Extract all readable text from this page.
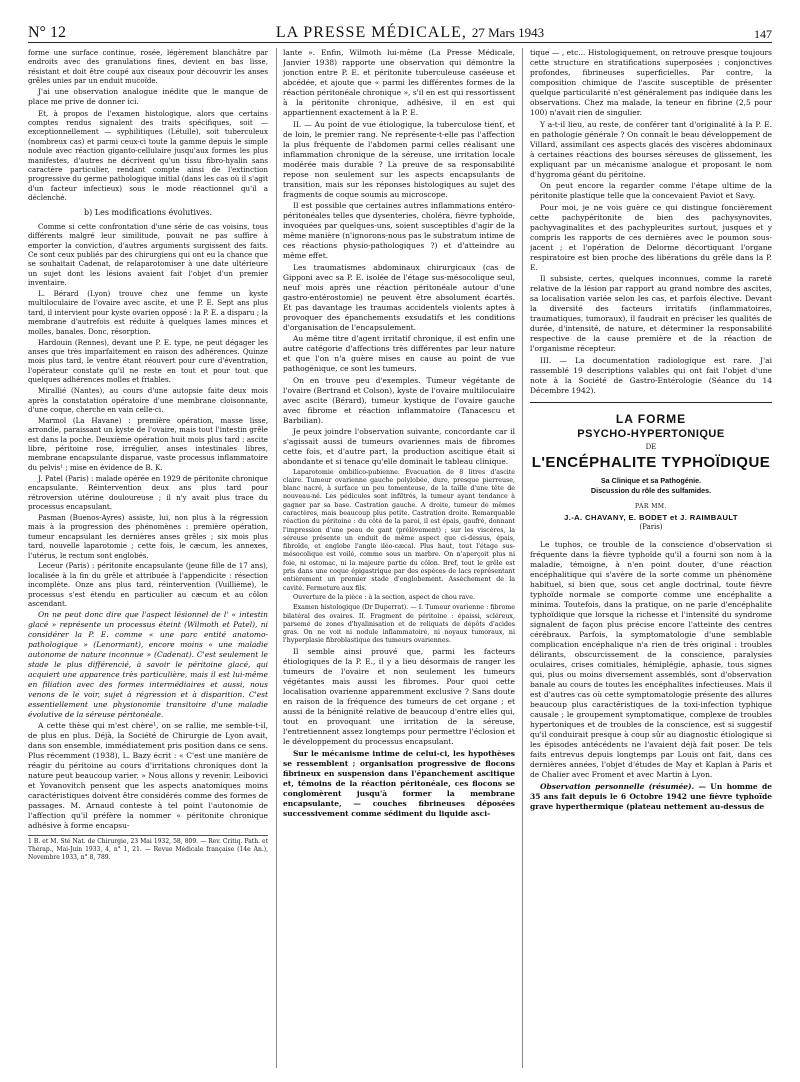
N° 12	LA PRESSE MÉDICALE, 27 Mars 1943	147

forme une surface continue, rosée, légèrement blanchâtre par endroits avec des granulations fines, devient en bas lisse, résistant et doit être coupé aux ciseaux pour découvrir les anses grêles unies par un enduit mucoïde.

J'ai une observation analogue inédite que le manque de place me prive de donner ici.

Et, à propos de l'examen histologique, alors que certains comptes rendus signalent des traits spécifiques, soit — exceptionnellement — syphilitiques (Létulle), soit tuberculeux (nombreux cas) et parmi ceux-ci toute la gamme depuis le simple nodule avec réaction giganto-cellulaire jusqu'aux formes les plus manifestes, d'autres ne décrivent qu'un tissu fibro-hyalin sans caractère particulier, rendant compte ainsi de l'extinction progressive du germe pathologique initial (dans les cas où il s'agit d'un facteur infectieux) sous le mode réactionnel qu'il a déclenché.

b) Les modifications évolutives.

Comme si cette confrontation d'une série de cas voisins, tous différents malgré leur similitude, pouvait ne pas suffire à emporter la conviction, d'autres arguments surgissent des faits. Ce sont ceux publiés par des chirurgiens qui ont eu la chance que se souhaitait Cadenat, de relaparotomiser à une date ultérieure un sujet dont les lésions avaient fait l'objet d'un premier inventaire.

L. Bérard (Lyon) trouve chez une femme un kyste multiloculaire de l'ovaire avec ascite, et une P. E. Sept ans plus tard, il intervient pour kyste ovarien opposé : la P. E. a disparu ; la membrane d'autrefois est réduite à quelques lames minces et molles, banales. Donc, résorption.

Hardouin (Rennes), devant une P. E. type, ne peut dégager les anses que très imparfaitement en raison des adhérences. Quinze mois plus tard, le ventre étant réouvert pour cure d'éventration, l'opérateur constate qu'il ne reste en tout et pour tout que quelques adhérences molles et friables.

Mirallié (Nantes), au cours d'une autopsie faite deux mois après la constatation opératoire d'une membrane cloisonnante, d'une coque, cherche en vain celle-ci.

Marmol (La Havane) : première opération, masse lisse, arrondie, paraissant un kyste de l'ovaire, mais tout l'intestin grêle est dans la poche. Deuxième opération huit mois plus tard : ascite libre, péritoine rose, irrégulier, anses intestinales libres, membrane encapsulante disparue, vaste processus inflammatoire du pelvis¹ ; mise en évidence de B. K.

J. Patel (Paris) : malade opérée en 1929 de péritonite chronique encapsulante. Réintervention deux ans plus tard pour rétroversion utérine douloureuse ; il n'y avait plus trace du processus encapsulant.

Pasman (Buenos-Ayres) assiste, lui, non plus à la régression mais à la progression des phénomènes : première opération, tumeur encapsulant les dernières anses grêles ; six mois plus tard, nouvelle laparotomie ; cette fois, le cæcum, les annexes, l'utérus, le rectum sont englobés.

Leceur (Paris) : péritonite encapsulante (jeune fille de 17 ans), localisée à la fin du grêle et attribuée à l'appendicite : résection incomplète. Onze ans plus tard, réintervention (Vuillième), le processus s'est étendu en particulier au cæcum et au côlon ascendant.

On ne peut donc dire que l'aspect lésionnel de l' « intestin glacé » représente un processus éteint (Wilmoth et Patel), ni considérer la P. E. comme « une parc entité anatomo-pathologique » (Lenormant), encore moins « une maladie autonome de nature inconnue » (Cadenat). C'est seulement le stade le plus différencié, à savoir le péritoine glacé, qui acquiert une apparence très particulière, mais il est lui-même en filiation avec des formes intermédiaires et aussi, nous venons de le voir, sujet à régression et à disparition. C'est essentiellement une physionomie transitoire d'une maladie évolutive de la séreuse péritonéale.

A cette thèse qui m'est chère¹, on se rallie, me semble-t-il, de plus en plus. Déjà, la Société de Chirurgie de Lyon avait, dans son ensemble, immédiatement pris position dans ce sens. Plus récemment (1938), L. Bazy écrit : « C'est une manière de réagir du péritoine au cours d'irritations chroniques dont la nature peut beaucoup varier. » Nous allons y revenir. Leibovici et Yovanovitch pensent que les aspects anatomiques moins caractéristiques doivent être considérés comme des formes de passages. M. Arnaud conteste à tel point l'autonomie de l'affection qu'il préfère la nommer « péritonite chronique adhésive à forme encapsu-

1 B. et M. Sté Nat. de Chirurgie, 23 Mai 1932, 58, 809. — Rev. Critiq. Path. et Thérap., Mai-Juin 1933, 4, n° 1, 21. — Revue Médicale française (14e An.), Novembre 1933, n° 8, 789.

lante ». Enfin, Wilmoth lui-même (La Presse Médicale, Janvier 1938) rapporte une observation qui démontre la jonction entre P. E. et péritonite tuberculeuse caséeuse et abcédée, et ajoute que « parmi les différentes formes de la réaction péritonéale chronique », s'il en est qui ressortissent à la péritonite chronique, adhésive, il en est qui appartiennent exactement à la P. E.

II. — Au point de vue étiologique, la tuberculose tient, et de loin, le premier rang. Ne représente-t-elle pas l'affection la plus fréquente de l'abdomen parmi celles réalisant une inflammation chronique de la séreuse, une irritation locale modérée mais durable ? La preuve de sa responsabilité repose non seulement sur les aspects encapsulants de transition, mais sur les réponses histologiques au sujet des fragments de coque soumis au microscope.

Il est possible que certaines autres inflammations entéro-péritonéales telles que dysenteries, choléra, fièvre typhoïde, invoquées par quelques-uns, soient susceptibles d'agir de la même manière (n'ignorons-nous pas le substratum intime de ces réactions physio-pathologiques ?) et d'atteindre au même effet.

Les traumatismes abdominaux chirurgicaux (cas de Gipponi avec sa P. E. isolée de l'étage sus-mésocolique seul, neuf mois après une réaction péritonéale autour d'une gastro-entérostomie) ne peuvent être absolument écartés. Et pas davantage les traumas accidentels violents aptes à provoquer des épanchements exsudatifs et les conditions d'organisation de l'encapsulement.

Au même titre d'agent irritatif chronique, il est enfin une autre catégorie d'affections très différentes par leur nature et que l'on n'a guère mises en cause au point de vue pathogénique, ce sont les tumeurs.

On en trouve peu d'exemples. Tumeur végétante de l'ovaire (Bertrand et Colson), kyste de l'ovaire multiloculaire avec ascite (Bérard), tumeur kystique de l'ovaire gauche avec fibrome et réaction inflammatoire (Tanacescu et Barbilian).

Je peux joindre l'observation suivante, concordante car il s'agissait aussi de tumeurs ovariennes mais de fibromes cette fois, et d'autre part, la production ascitique était si abondante et si tenace qu'elle dominait le tableau clinique.

Laparotomie ombilico-pubienne. Évacuation de 8 litres d'ascite claire. Tumeur ovarienne gauche polylobée, dure, presque pierreuse, blanc nacré, à surface un peu tomenteuse, de la taille d'une tête de nouveau-né. Les pédicules sont infiltrés, la tumeur ayant tendance à gagner par sa base. Castration gauche. A droite, tumeur de mêmes caractères, mais beaucoup plus petite. Castration droite. Remarquable réaction du péritoine : du côté de la paroi, il est épais, gaufré, donnant l'impression d'une peau de gant (prélèvement) ; sur les viscères, la séreuse présente un enduit de même aspect que ci-dessus, épais, fibroïde, et englobe l'angle iléo-cæcal. Plus haut, tout l'étage sus-mésocolique est voilé, comme sous un marbre. On n'aperçoit plus ni foie, ni estomac, ni la majeure partie du côlon. Bref, tout le grêle est pris dans une coque épigastrique par des espèces de lacs représentant entièrement un premier stade d'englobement. Assèchement de la cavité. Fermeture aux fils.

Ouverture de la pièce : à la section, aspect de chou rave.

Examen histologique (Dr Duperrat). — I. Tumeur ovarienne : fibrome bilatéral des ovaires. II. Fragment de péritoine : épaissi, scléreux, parsemé de zones d'hyalinisation et de reliquats de dépôts d'acides gras. On ne voit ni nodule inflammatoire, ni noyaux tumoraux, ni l'hyperplasie fibroblastique des tumeurs ovariennes.

Il semble ainsi prouvé que, parmi les facteurs étiologiques de la P. E., il y a lieu désormais de ranger les tumeurs de l'ovaire et non seulement les tumeurs végétantes mais aussi les fibromes. Pour quoi cette localisation ovarienne apparemment exclusive ? Sans doute en raison de la fréquence des tumeurs de cet organe ; et aussi de la bénignité relative de beaucoup d'entre elles qui, tout en provoquant une irritation de la séreuse, l'entretiennent assez longtemps pour permettre l'éclosion et le développement du processus encapsulant.

Sur le mécanisme intime de celui-ci, les hypothèses se ressemblent ; organisation progressive de flocons fibrineux en suspension dans l'épanchement ascitique et, témoins de la réaction péritonéale, ces flocons se conglomèrent jusqu'à former la membrane encapsulante, — couches fibrineuses déposées successivement comme sédiment du liquide asci-

tique — , etc... Histologiquement, on retrouve presque toujours cette structure en stratifications superposées ; conjonctives profondes, fibrineuses superficielles. Par contre, la composition chimique de l'ascite susceptible de présenter quelque particularité n'est généralement pas indiquée dans les observations. Chez ma malade, la teneur en fibrine (2,5 pour 100) n'avait rien de singulier.

Y a-t-il lieu, au reste, de conférer tant d'originalité à la P. E. en pathologie générale ? On connaît le beau développement de Villard, assimilant ces aspects glacés des viscères abdominaux à certaines réactions des bourses séreuses de glissement, les expliquant par un mécanisme analogue et proposant le nom d'hygroma géant du péritoine.

On peut encore la regarder comme l'étape ultime de la péritonite plastique telle que la concevaient Paviot et Savy.

Pour moi, je ne vois guère ce qui distingue foncièrement cette pachypéritonite de bien des pachysynovites, pachyvaginalites et des pachypleurites surtout, jusques et y compris les rapports de ces dernières avec le poumon sous-jacent ; et l'opération de Delorme décortiquant l'organe respiratoire est bien proche des libérations du grêle dans la P. E.

Il subsiste, certes, quelques inconnues, comme la rareté relative de la lésion par rapport au grand nombre des ascites, sa localisation variée selon les cas, et parfois élective. Devant la diversité des facteurs irritatifs (inflammatoires, traumatiques, tumoraux), il faudrait en préciser les qualités de durée, d'intensité, de nature, et déterminer la responsabilité respective de la cause première et de la réaction de l'organisme récepteur.

III. — La documentation radiologique est rare. J'ai rassemblé 19 descriptions valables qui ont fait l'objet d'une note à la Société de Gastro-Entérologie (Séance du 14 Décembre 1942).

LA FORME
PSYCHO-HYPERTONIQUE
DE
L'ENCÉPHALITE TYPHOÏDIQUE
Sa Clinique et sa Pathogénie.
Discussion du rôle des sulfamides.
PAR MM.
J.-A. CHAVANY, E. BODET et J. RAIMBAULT
(Paris)

Le tuphos, ce trouble de la conscience d'observation si fréquente dans la fièvre typhoïde qu'il a fourni son nom à la maladie, témoigne, à n'en point douter, d'une réaction encéphalitique qui s'avère de la sorte comme un phénomène habituel, si bien que, sous cet angle doctrinal, toute fièvre typhoïde normale se comporte comme une encéphalite a minima. Toutefois, dans la pratique, on ne parle d'encéphalite typhoïdique que lorsque la richesse et l'intensité du syndrome signalent de façon plus précise encore l'atteinte des centres cérébraux. Parfois, la symptomatologie d'une semblable complication encéphalique n'a rien de très original : troubles délirants, obscurcissement de la conscience, paralysies oculaires, crises comitiales, hémiplégie, aphasie, tous signes qui, plus ou moins diversement assemblés, sont d'observation banale au cours de toutes les encéphalites infectieuses. Mais il est d'autres cas où cette symptomatologie présente des allures beaucoup plus caractéristiques de la toxi-infection typhique causale ; le groupement symptomatique, complexe de troubles hypertoniques et de troubles de la conscience, est si suggestif qu'il conduirait presque à coup sûr au diagnostic étiologique si les épisodes antécédents ne l'avaient déjà fait poser. De tels faits entrevus depuis longtemps par Louis ont fait, dans ces dernières années, l'objet d'études de May et Kaplan à Paris et de Chalier avec Froment et avec Martin à Lyon.

Observation personnelle (résumée). — Un homme de 35 ans fait depuis le 6 Octobre 1942 une fièvre typhoïde grave hyperthermique (plateau nettement au-dessus de
